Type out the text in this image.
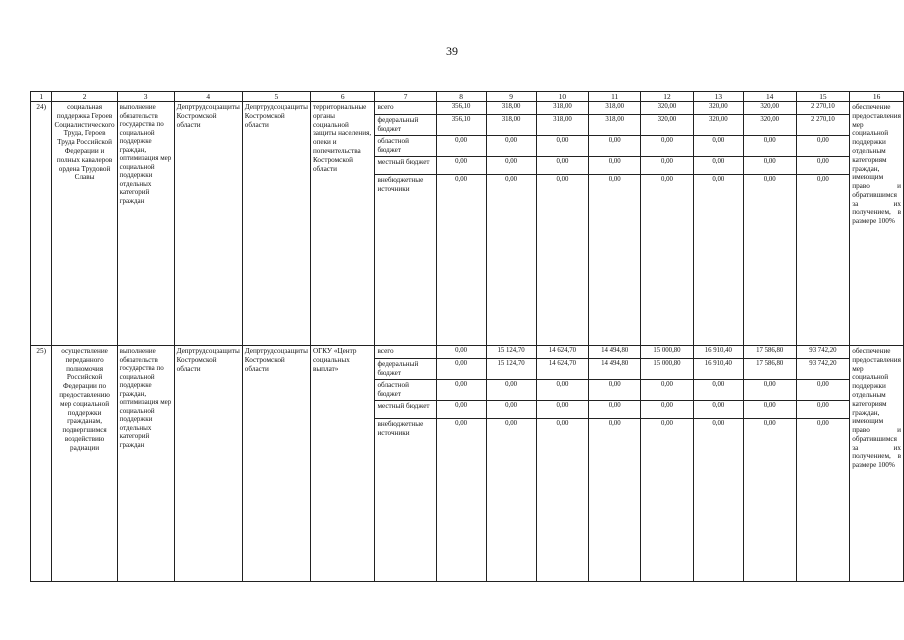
39
1	2	3	4	5	6	7	8	9	10	11	12	13	14	15	16
24)	социальная поддержка Героев Социалистического Труда, Героев Труда Российской Федерации и полных кавалеров ордена Трудовой Славы	выполнение обязательств государства по социальной поддержке граждан, оптимизация мер социальной поддержки отдельных категорий граждан	Депртрудсоцзащиты Костромской области	Депртрудсоцзащиты Костромской области	территориальные органы социальной защиты населения, опеки и попечительства Костромской области	всего	356,10	318,00	318,00	318,00	320,00	320,00	320,00	2 270,10	обеспечение предоставления мер социальной поддержки отдельным категориям граждан, имеющим право и обратившимся за их получением, в размере 100%
						федеральный бюджет	356,10	318,00	318,00	318,00	320,00	320,00	320,00	2 270,10	
						областной бюджет	0,00	0,00	0,00	0,00	0,00	0,00	0,00	0,00	
						местный бюджет	0,00	0,00	0,00	0,00	0,00	0,00	0,00	0,00	
						внебюджетные источники	0,00	0,00	0,00	0,00	0,00	0,00	0,00	0,00	
25)	осуществление переданного полномочия Российской Федерации по предоставлению мер социальной поддержки гражданам, подвергшимся воздействию радиации	выполнение обязательств государства по социальной поддержке граждан, оптимизация мер социальной поддержки отдельных категорий граждан	Депртрудсоцзащиты Костромской области	Депртрудсоцзащиты Костромской области	ОГКУ «Центр социальных выплат»	всего	0,00	15 124,70	14 624,70	14 494,80	15 000,80	16 910,40	17 586,80	93 742,20	обеспечение предоставления мер социальной поддержки отдельным категориям граждан, имеющим право и обратившимся за их получением, в размере 100%
						федеральный бюджет	0,00	15 124,70	14 624,70	14 494,80	15 000,80	16 910,40	17 586,80	93 742,20	
						областной бюджет	0,00	0,00	0,00	0,00	0,00	0,00	0,00	0,00	
						местный бюджет	0,00	0,00	0,00	0,00	0,00	0,00	0,00	0,00	
						внебюджетные источники	0,00	0,00	0,00	0,00	0,00	0,00	0,00	0,00	
